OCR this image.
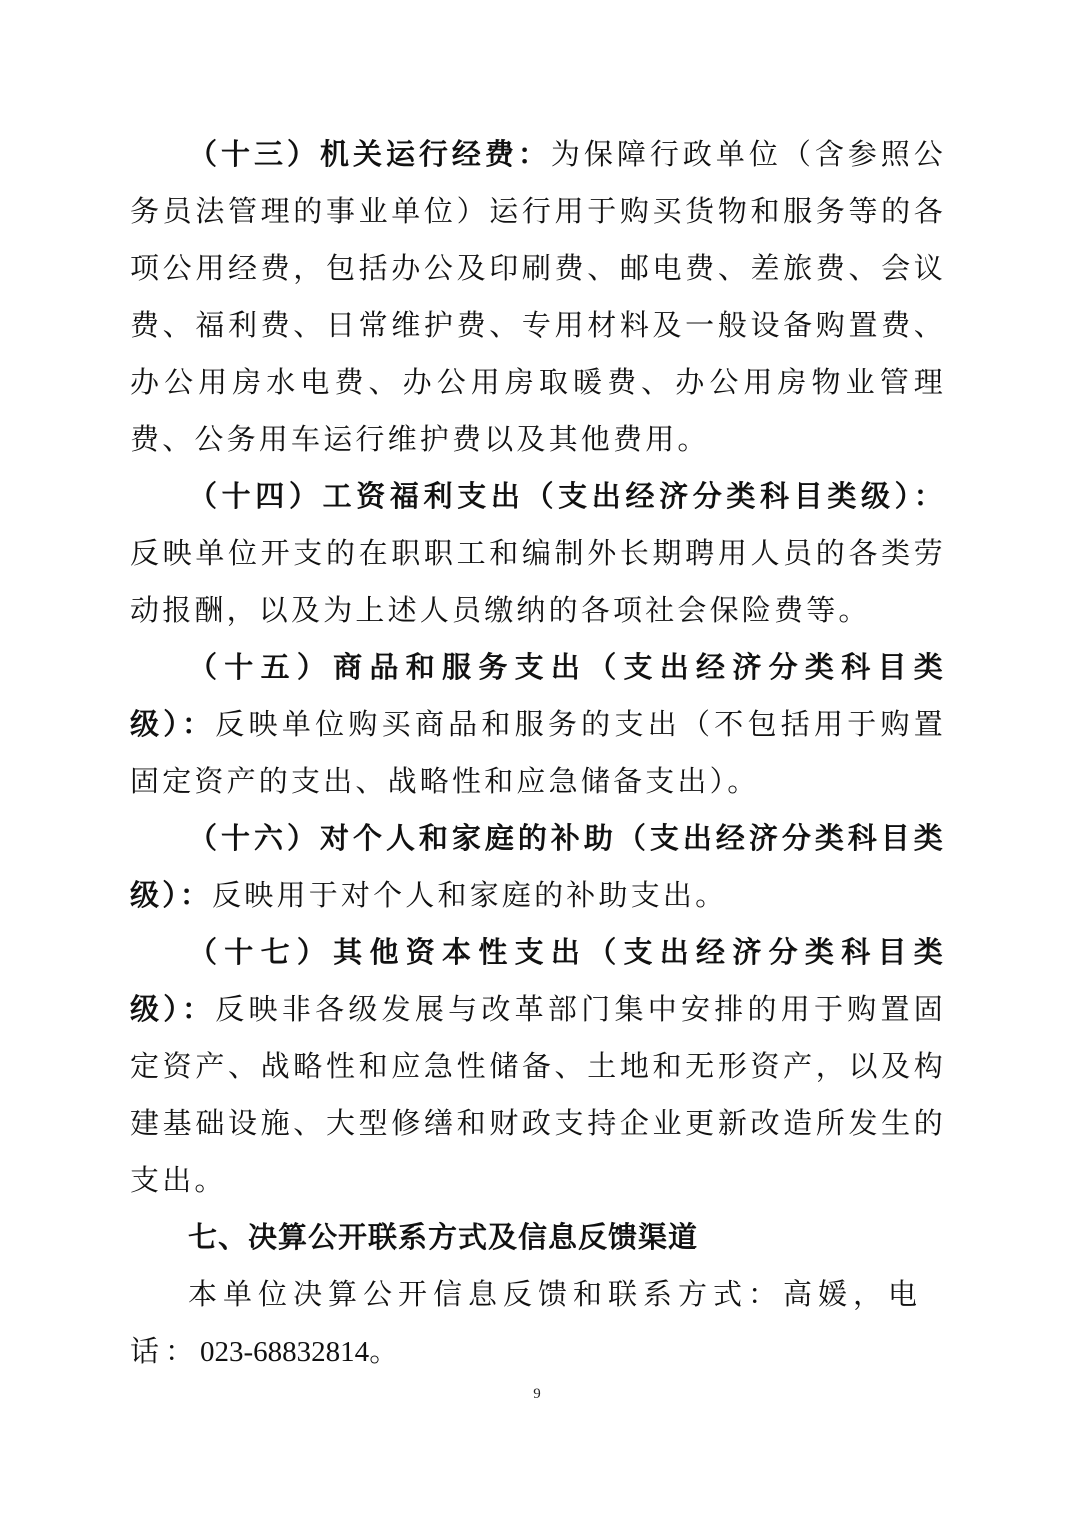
（十三）机关运行经费：为保障行政单位（含参照公务员法管理的事业单位）运行用于购买货物和服务等的各项公用经费，包括办公及印刷费、邮电费、差旅费、会议费、福利费、日常维护费、专用材料及一般设备购置费、办公用房水电费、办公用房取暖费、办公用房物业管理费、公务用车运行维护费以及其他费用。

（十四）工资福利支出（支出经济分类科目类级）：反映单位开支的在职职工和编制外长期聘用人员的各类劳动报酬，以及为上述人员缴纳的各项社会保险费等。

（十五）商品和服务支出（支出经济分类科目类级）：反映单位购买商品和服务的支出（不包括用于购置固定资产的支出、战略性和应急储备支出）。

（十六）对个人和家庭的补助（支出经济分类科目类级）：反映用于对个人和家庭的补助支出。

（十七）其他资本性支出（支出经济分类科目类级）：反映非各级发展与改革部门集中安排的用于购置固定资产、战略性和应急性储备、土地和无形资产，以及构建基础设施、大型修缮和财政支持企业更新改造所发生的支出。

七、决算公开联系方式及信息反馈渠道

本单位决算公开信息反馈和联系方式：高媛，电话：023-68832814。

9
